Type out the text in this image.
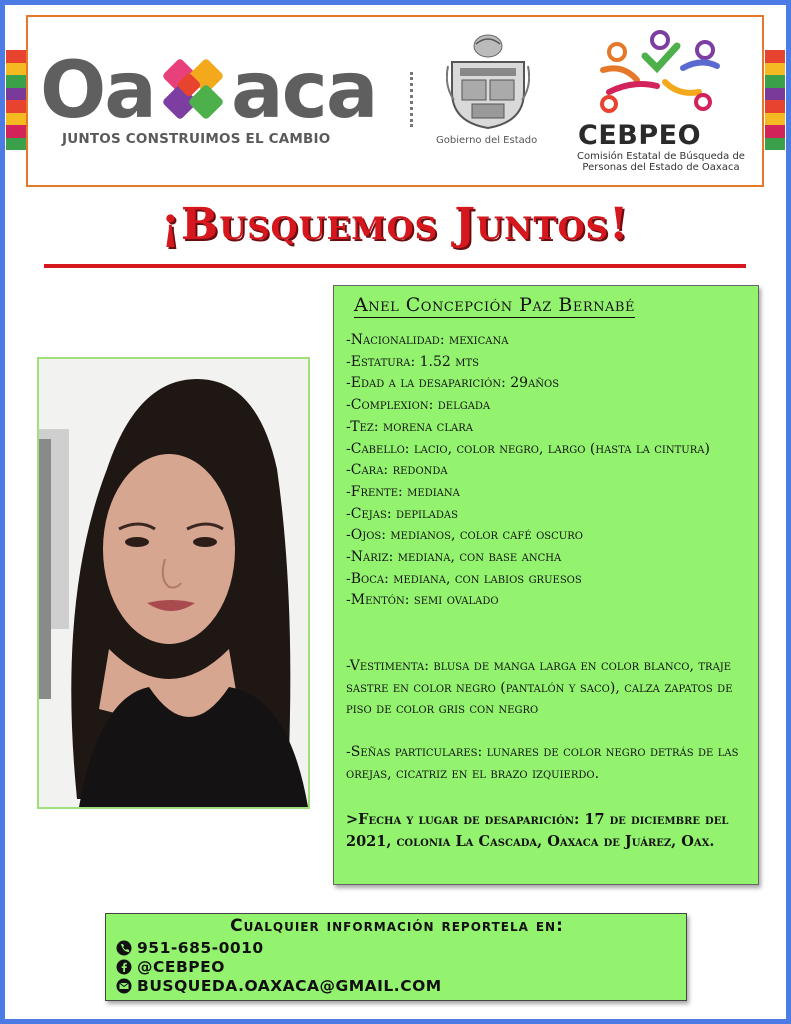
Oa aca
JUNTOS CONSTRUIMOS EL CAMBIO	Gobierno del Estado CEBPEO
Comisión Estatal de Búsqueda de
Personas del Estado de Oaxaca
¡Busquemos Juntos!
Anel Concepción Paz Bernabé
-Nacionalidad: mexicana
-Estatura: 1.52 mts
-Edad a la desaparición: 29años
-Complexion: delgada
-Tez: morena clara
-Cabello: lacio, color negro, largo (hasta la cintura)
-Cara: redonda
-Frente: mediana
-Cejas: depiladas
-Ojos: medianos, color café oscuro
-Nariz: mediana, con base ancha
-Boca: mediana, con labios gruesos
-Mentón: semi ovalado
-Vestimenta: blusa de manga larga en color blanco, traje sastre en color negro (pantalón y saco), calza zapatos de piso de color gris con negro
-Señas particulares: lunares de color negro detrás de las orejas, cicatriz en el brazo izquierdo.
>Fecha y lugar de desaparición: 17 de diciembre del 2021, colonia La Cascada, Oaxaca de Juárez, Oax.
Cualquier información reportela en:
951-685-0010
@CEBPEO
BUSQUEDA.OAXACA@GMAIL.COM
